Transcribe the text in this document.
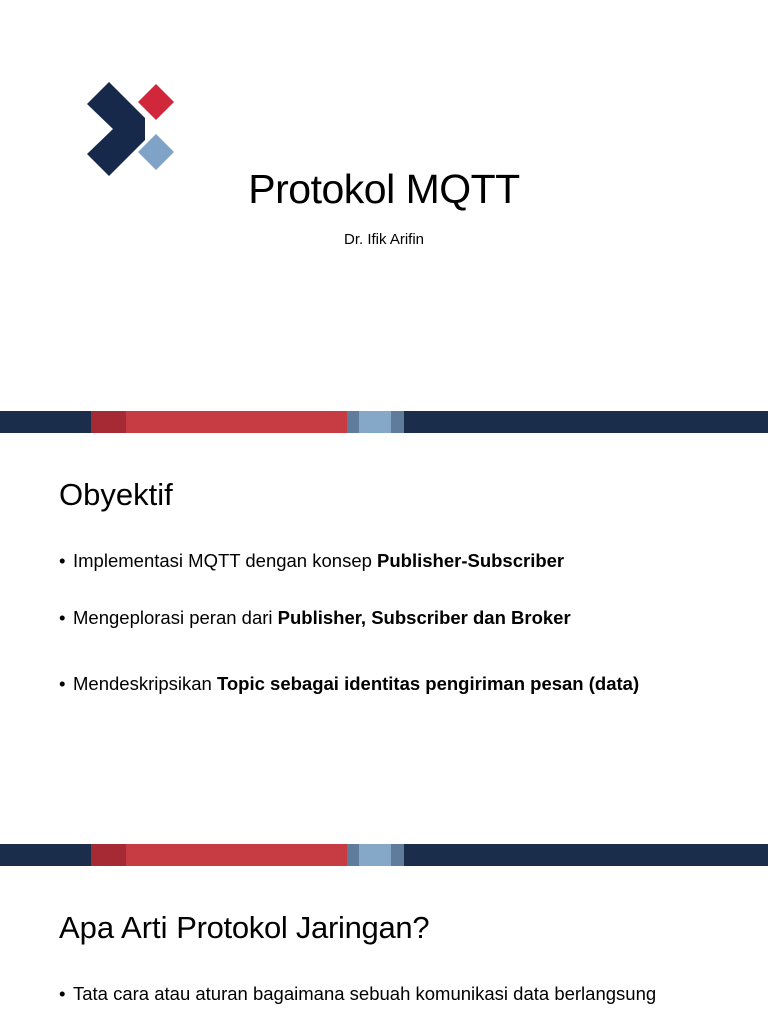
Protokol MQTT

Dr. Ifik Arifin

Obyektif

• Implementasi MQTT dengan konsep Publisher-Subscriber

• Mengeplorasi peran dari Publisher, Subscriber dan Broker

• Mendeskripsikan Topic sebagai identitas pengiriman pesan (data)

Apa Arti Protokol Jaringan?

• Tata cara atau aturan bagaimana sebuah komunikasi data berlangsung
